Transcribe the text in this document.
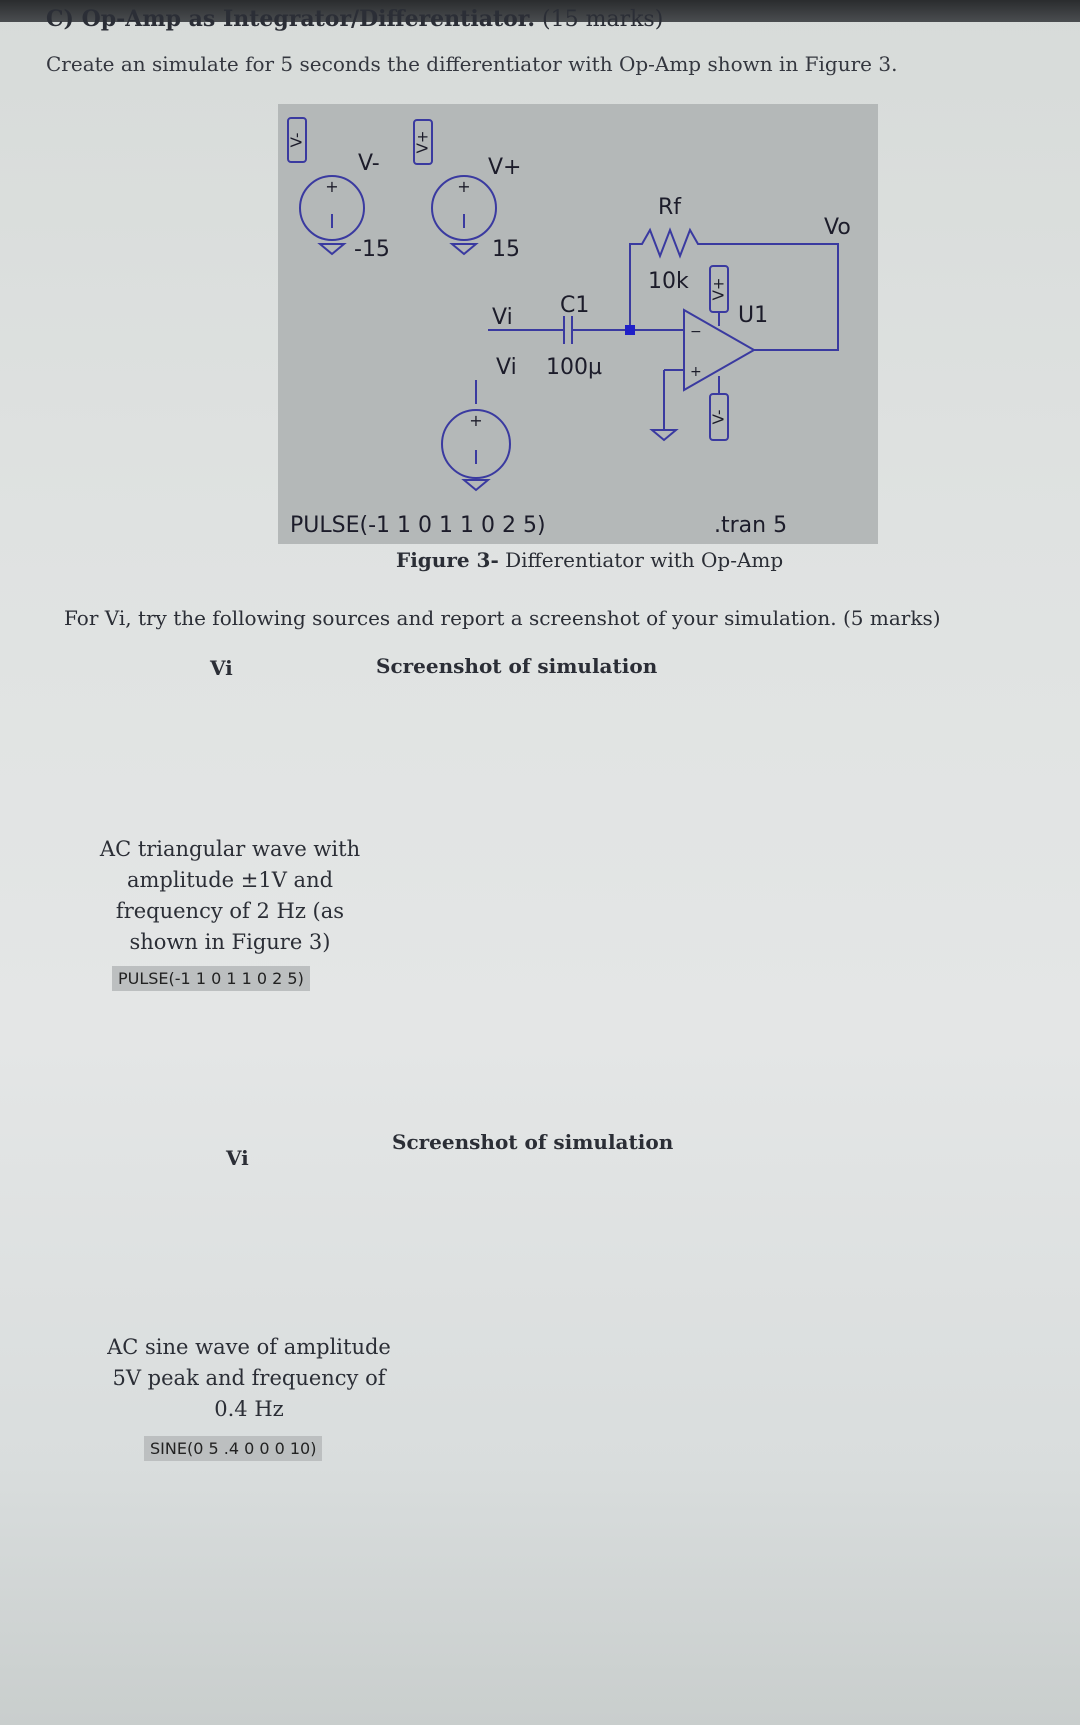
C) Op-Amp as Integrator/Differentiator. (15 marks)
Create an simulate for 5 seconds the differentiator with Op-Amp shown in Figure 3.
V-
+
V-
-15
V+
+
V+
15
Rf
10k
Vo
C1
100µ
Vi
Vi
+
−
+
V+
V-
U1
PULSE(-1 1 0 1 1 0 2 5)	.tran 5
Figure 3- Differentiator with Op-Amp
For Vi, try the following sources and report a screenshot of your simulation. (5 marks)
Vi	Screenshot of simulation
AC triangular wave with
amplitude ±1V and
frequency of 2 Hz (as
shown in Figure 3)
PULSE(-1 1 0 1 1 0 2 5)
Vi
Screenshot of simulation
AC sine wave of amplitude
5V peak and frequency of
0.4 Hz
SINE(0 5 .4 0 0 0 10)
